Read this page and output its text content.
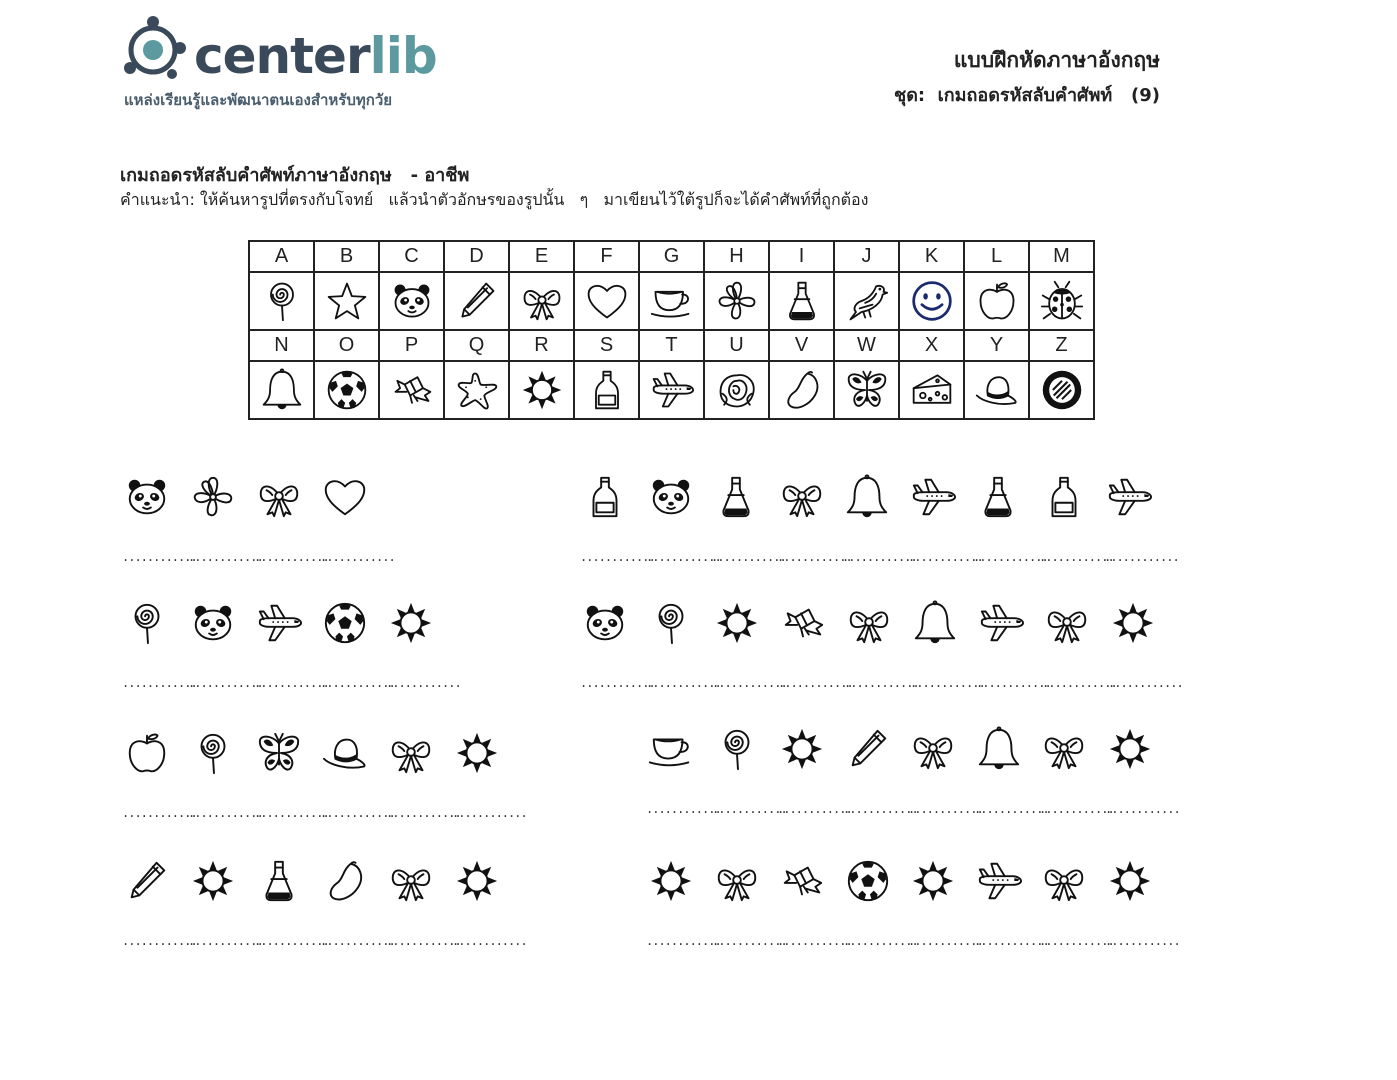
centerlib
แหล่งเรียนรู้และพัฒนาตนเองสำหรับทุกวัย
แบบฝึกหัดภาษาอังกฤษ
ชุด:  เกมถอดรหัสลับคำศัพท์   (9)
เกมถอดรหัสลับคำศัพท์ภาษาอังกฤษ   - อาชีพ
คำแนะนำ: ให้ค้นหารูปที่ตรงกับโจทย์   แล้วนำตัวอักษรของรูปนั้น   ๆ   มาเขียนไว้ใต้รูปก็จะได้คำศัพท์ที่ถูกต้อง
A	B	C	D	E	F	G	H	I	J	K	L	M

N	O	P	Q	R	S	T	U	V	W	X	Y	Z

............
............
............
............	............
............
............
............
............
............
............
............
............
............
............
............
............
............	............
............
............
............
............
............
............
............
............
............
............
............
............
............
............	............
............
............
............
............
............
............
............
............
............
............
............
............
............	............
............
............
............
............
............
............
............
